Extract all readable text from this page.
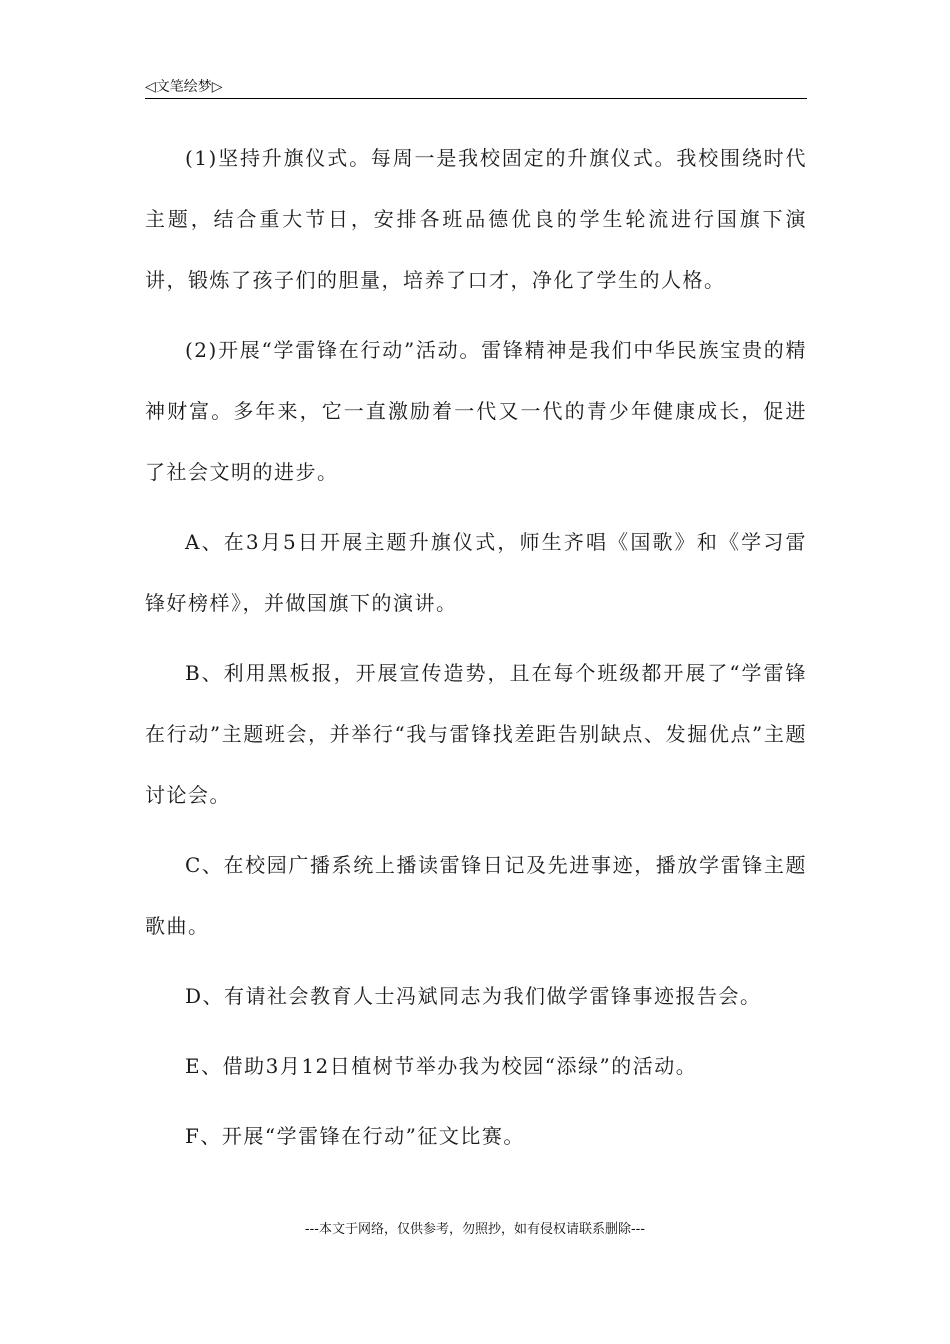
◁文笔绘梦▷

(1)坚持升旗仪式。每周一是我校固定的升旗仪式。我校围绕时代主题，结合重大节日，安排各班品德优良的学生轮流进行国旗下演讲，锻炼了孩子们的胆量，培养了口才，净化了学生的人格。

(2)开展“学雷锋在行动”活动。雷锋精神是我们中华民族宝贵的精神财富。多年来，它一直激励着一代又一代的青少年健康成长，促进了社会文明的进步。

A、在3月5日开展主题升旗仪式，师生齐唱《国歌》和《学习雷锋好榜样》，并做国旗下的演讲。

B、利用黑板报，开展宣传造势，且在每个班级都开展了“学雷锋在行动”主题班会，并举行“我与雷锋找差距告别缺点、发掘优点”主题讨论会。

C、在校园广播系统上播读雷锋日记及先进事迹，播放学雷锋主题歌曲。

D、有请社会教育人士冯斌同志为我们做学雷锋事迹报告会。

E、借助3月12日植树节举办我为校园“添绿”的活动。

F、开展“学雷锋在行动”征文比赛。

---本文于网络，仅供参考，勿照抄，如有侵权请联系删除---
